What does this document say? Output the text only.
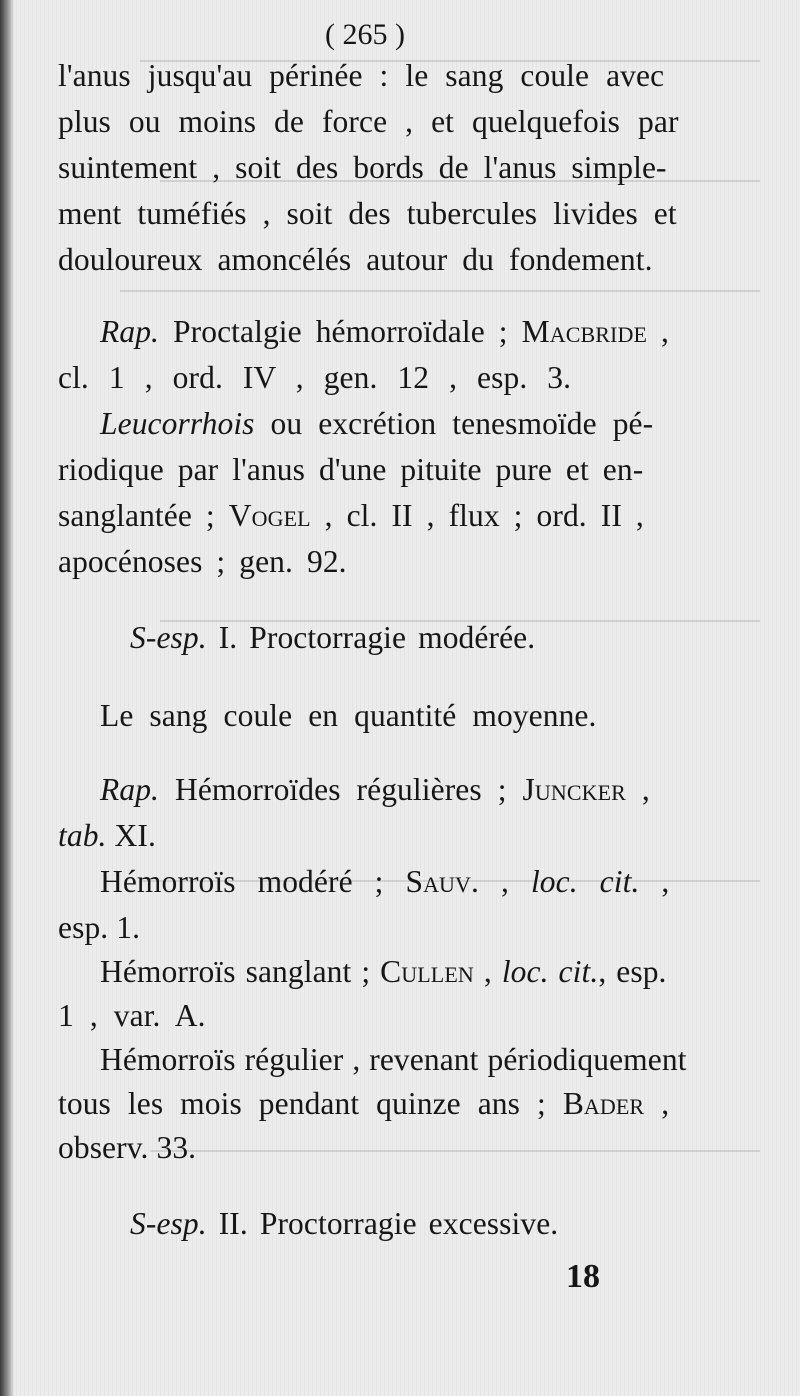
( 265 )
l'anus jusqu'au périnée : le sang coule avec
plus ou moins de force , et quelquefois par
suintement , soit des bords de l'anus simple-
ment tuméfiés , soit des tubercules livides et
douloureux amoncélés autour du fondement.
Rap. Proctalgie hémorroïdale ; Macbride ,
cl. 1 , ord. IV , gen. 12 , esp. 3.
Leucorrhois ou excrétion tenesmoïde pé-
riodique par l'anus d'une pituite pure et en-
sanglantée ; Vogel , cl. II , flux ; ord. II ,
apocénoses ; gen. 92.
S-esp. I. Proctorragie modérée.
Le sang coule en quantité moyenne.
Rap. Hémorroïdes régulières ; Juncker ,
tab. XI.
Hémorroïs modéré ; Sauv. , loc. cit. ,
esp. 1.
Hémorroïs sanglant ; Cullen , loc. cit., esp.
1 , var. A.
Hémorroïs régulier , revenant périodiquement
tous les mois pendant quinze ans ; Bader ,
observ. 33.
S-esp. II. Proctorragie excessive.
18
